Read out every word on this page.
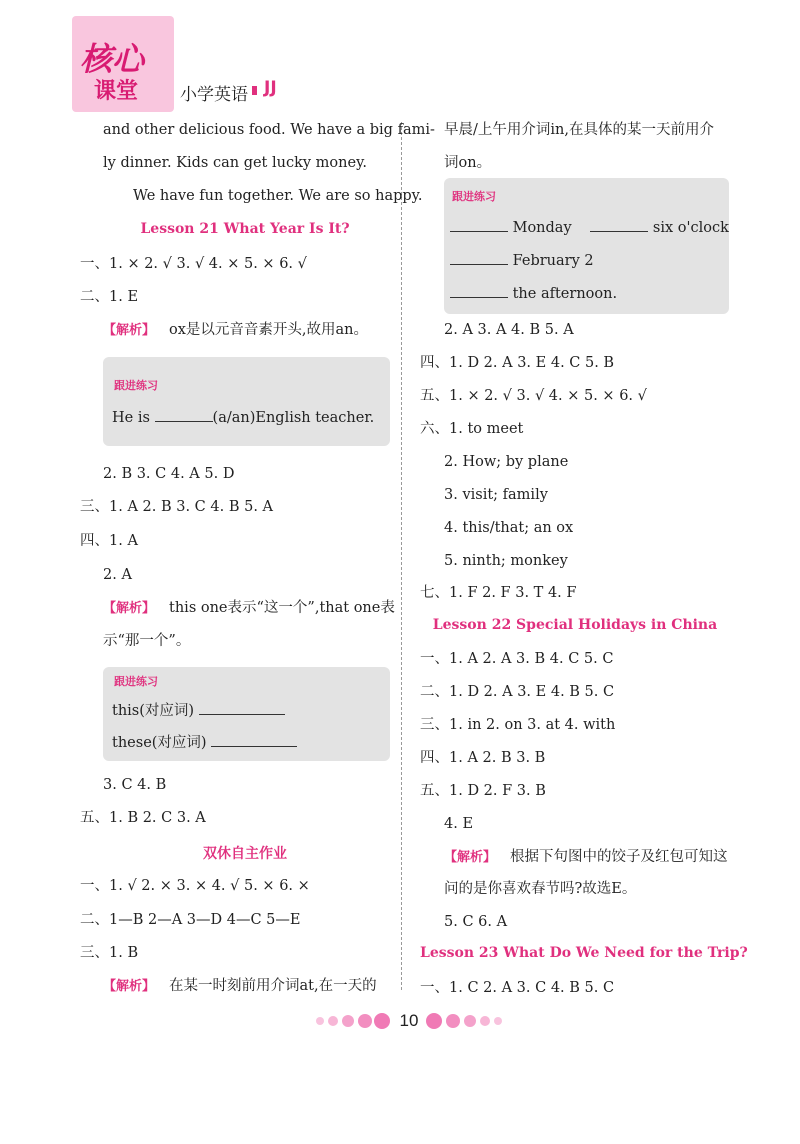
核心
课堂 小学英语 JJ
and other delicious food. We have a big fami-
ly dinner. Kids can get lucky money.
We have fun together. We are so happy.
Lesson 21 What Year Is It?
一、1. × 2. √ 3. √ 4. × 5. × 6. √
二、1. E
【解析】 ox是以元音音素开头,故用an。
跟进练习
He is	(a/an)English teacher.
2. B 3. C 4. A 5. D
三、1. A 2. B 3. C 4. B 5. A
四、1. A
2. A
【解析】 this one表示“这一个”,that one表
示“那一个”。
跟进练习
this(对应词)
these(对应词)
3. C 4. B
五、1. B 2. C 3. A
双休自主作业
一、1. √ 2. × 3. × 4. √ 5. × 6. ×
二、1—B 2—A 3—D 4—C 5—E
三、1. B
【解析】 在某一时刻前用介词at,在一天的
早晨/上午用介词in,在具体的某一天前用介
词on。
跟进练习
Monday	six o'clock
February 2
the afternoon.
2. A 3. A 4. B 5. A
四、1. D 2. A 3. E 4. C 5. B
五、1. × 2. √ 3. √ 4. × 5. × 6. √
六、1. to meet
2. How; by plane
3. visit; family
4. this/that; an ox
5. ninth; monkey
七、1. F 2. F 3. T 4. F
Lesson 22 Special Holidays in China
一、1. A 2. A 3. B 4. C 5. C
二、1. D 2. A 3. E 4. B 5. C
三、1. in 2. on 3. at 4. with
四、1. A 2. B 3. B
五、1. D 2. F 3. B
4. E
【解析】 根据下句图中的饺子及红包可知这
问的是你喜欢春节吗?故选E。
5. C 6. A
Lesson 23 What Do We Need for the Trip?
一、1. C 2. A 3. C 4. B 5. C
10
